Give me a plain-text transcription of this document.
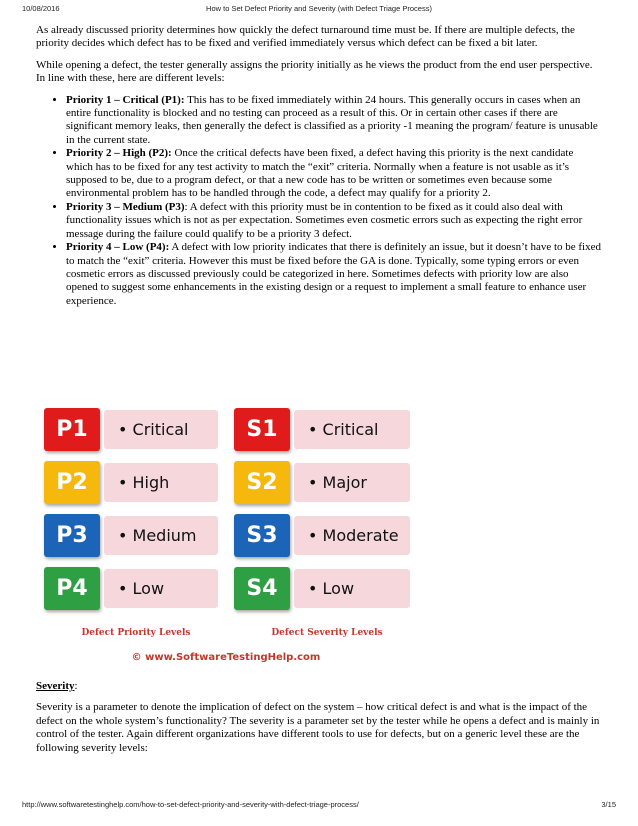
10/08/2016	How to Set Defect Priority and Severity (with Defect Triage Process)

As already discussed priority determines how quickly the defect turnaround time must be. If there are multiple defects, the priority decides which defect has to be fixed and verified immediately versus which defect can be fixed a bit later.

While opening a defect, the tester generally assigns the priority initially as he views the product from the end user perspective. In line with these, here are different levels:

• Priority 1 – Critical (P1): This has to be fixed immediately within 24 hours. This generally occurs in cases when an entire functionality is blocked and no testing can proceed as a result of this. Or in certain other cases if there are significant memory leaks, then generally the defect is classified as a priority -1 meaning the program/ feature is unusable in the current state.
• Priority 2 – High (P2): Once the critical defects have been fixed, a defect having this priority is the next candidate which has to be fixed for any test activity to match the “exit” criteria. Normally when a feature is not usable as it’s supposed to be, due to a program defect, or that a new code has to be written or sometimes even because some environmental problem has to be handled through the code, a defect may qualify for a priority 2.
• Priority 3 – Medium (P3): A defect with this priority must be in contention to be fixed as it could also deal with functionality issues which is not as per expectation. Sometimes even cosmetic errors such as expecting the right error message during the failure could qualify to be a priority 3 defect.
• Priority 4 – Low (P4): A defect with low priority indicates that there is definitely an issue, but it doesn’t have to be fixed to match the “exit” criteria. However this must be fixed before the GA is done. Typically, some typing errors or even cosmetic errors as discussed previously could be categorized in here. Sometimes defects with priority low are also opened to suggest some enhancements in the existing design or a request to implement a small feature to enhance user experience.
P1	• Critical
P2	• High
P3	• Medium
P4	• Low
S1	• Critical
S2	• Major
S3	• Moderate
S4	• Low
Defect Priority Levels	Defect Severity Levels
© www.SoftwareTestingHelp.com

Severity:

Severity is a parameter to denote the implication of defect on the system – how critical defect is and what is the impact of the defect on the whole system’s functionality? The severity is a parameter set by the tester while he opens a defect and is mainly in control of the tester. Again different organizations have different tools to use for defects, but on a generic level these are the following severity levels:

http://www.softwaretestinghelp.com/how-to-set-defect-priority-and-severity-with-defect-triage-process/	3/15
